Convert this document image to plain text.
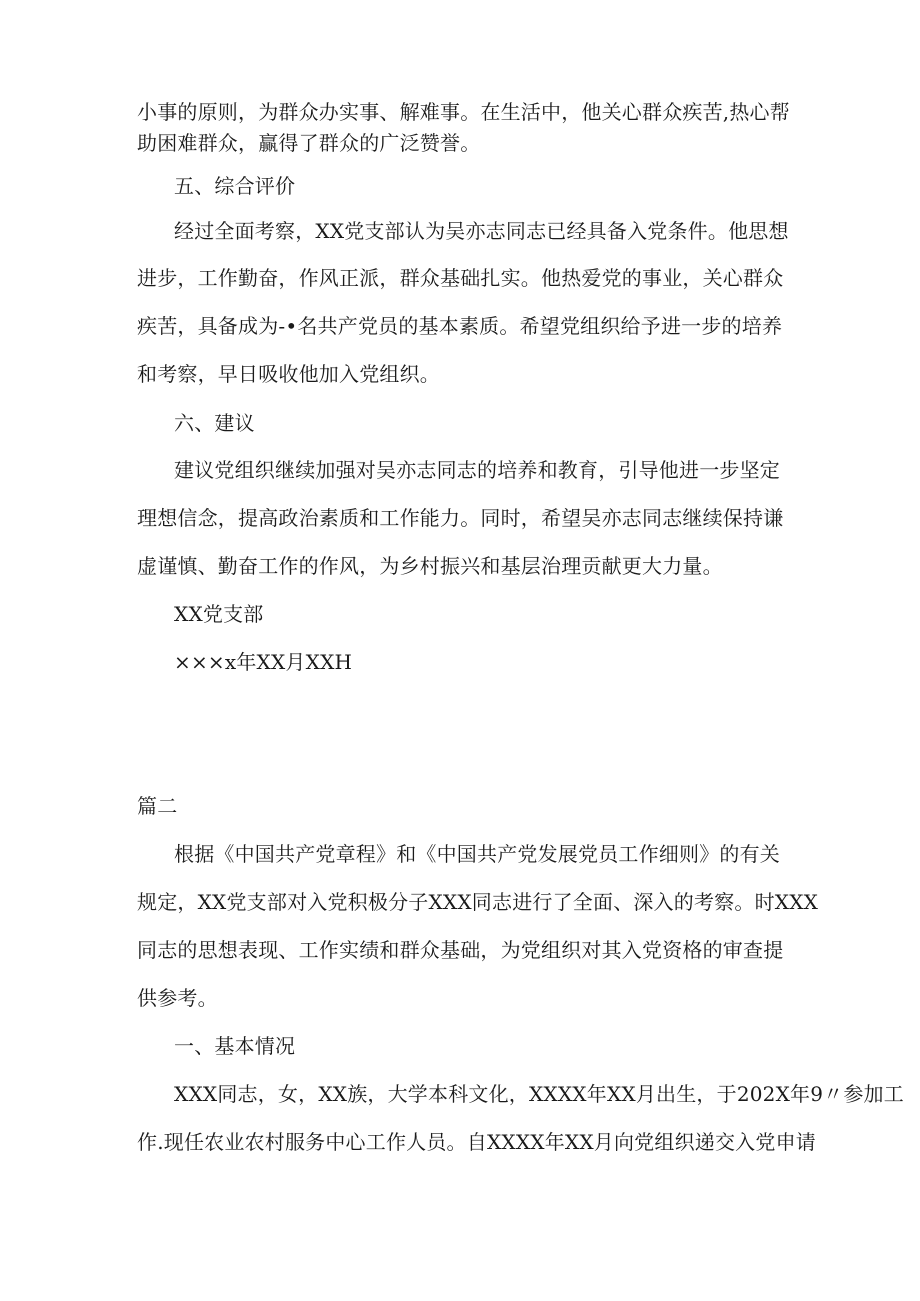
小事的原则，为群众办实事、解难事。在生活中，他关心群众疾苦,热心帮
助困难群众，赢得了群众的广泛赞誉。
五、综合评价
经过全面考察，XX党支部认为吴亦志同志已经具备入党条件。他思想
进步，工作勤奋，作风正派，群众基础扎实。他热爱党的事业，关心群众
疾苦，具备成为-•名共产党员的基本素质。希望党组织给予进一步的培养
和考察，早日吸收他加入党组织。
六、建议
建议党组织继续加强对吴亦志同志的培养和教育，引导他进一步坚定
理想信念，提高政治素质和工作能力。同时，希望吴亦志同志继续保持谦
虚谨慎、勤奋工作的作风，为乡村振兴和基层治理贡献更大力量。
XX党支部
×××x年XX月XXH
篇二
根据《中国共产党章程》和《中国共产党发展党员工作细则》的有关
规定，XX党支部对入党积极分子XXX同志进行了全面、深入的考察。时XXX
同志的思想表现、工作实绩和群众基础，为党组织对其入党资格的审查提
供参考。
一、基本情况
XXX同志，女，XX族，大学本科文化，XXXX年XX月出生，于202X年9〃参加工
作.现任农业农村服务中心工作人员。自XXXX年XX月向党组织递交入党申请
